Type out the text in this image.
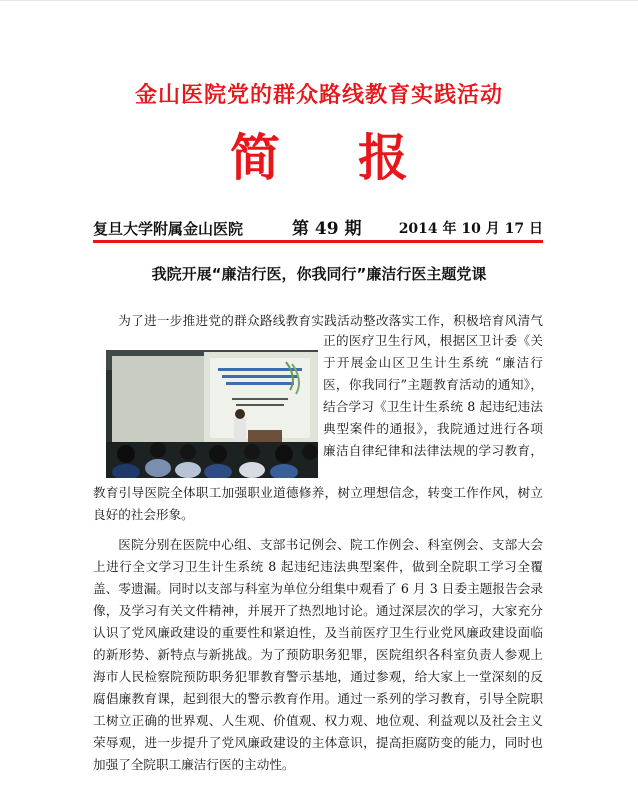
金山医院党的群众路线教育实践活动
简 报
复旦大学附属金山医院	第 49 期	2014 年 10 月 17 日
我院开展“廉洁行医，你我同行”廉洁行医主题党课
为了进一步推进党的群众路线教育实践活动整改落实工作，积极培育风清气
正的医疗卫生行风，根据区卫计委《关
于开展金山区卫生计生系统 “廉洁行
医，你我同行”主题教育活动的通知》，
结合学习《卫生计生系统 8 起违纪违法
典型案件的通报》，我院通过进行各项
廉洁自律纪律和法律法规的学习教育，
教育引导医院全体职工加强职业道德修养，树立理想信念，转变工作作风，树立
良好的社会形象。
医院分别在医院中心组、支部书记例会、院工作例会、科室例会、支部大会
上进行全文学习卫生计生系统 8 起违纪违法典型案件，做到全院职工学习全覆
盖、零遗漏。同时以支部与科室为单位分组集中观看了 6 月 3 日委主题报告会录
像，及学习有关文件精神，并展开了热烈地讨论。通过深层次的学习，大家充分
认识了党风廉政建设的重要性和紧迫性，及当前医疗卫生行业党风廉政建设面临
的新形势、新特点与新挑战。为了预防职务犯罪，医院组织各科室负责人参观上
海市人民检察院预防职务犯罪教育警示基地，通过参观，给大家上一堂深刻的反
腐倡廉教育课，起到很大的警示教育作用。通过一系列的学习教育，引导全院职
工树立正确的世界观、人生观、价值观、权力观、地位观、利益观以及社会主义
荣辱观，进一步提升了党风廉政建设的主体意识，提高拒腐防变的能力，同时也
加强了全院职工廉洁行医的主动性。
